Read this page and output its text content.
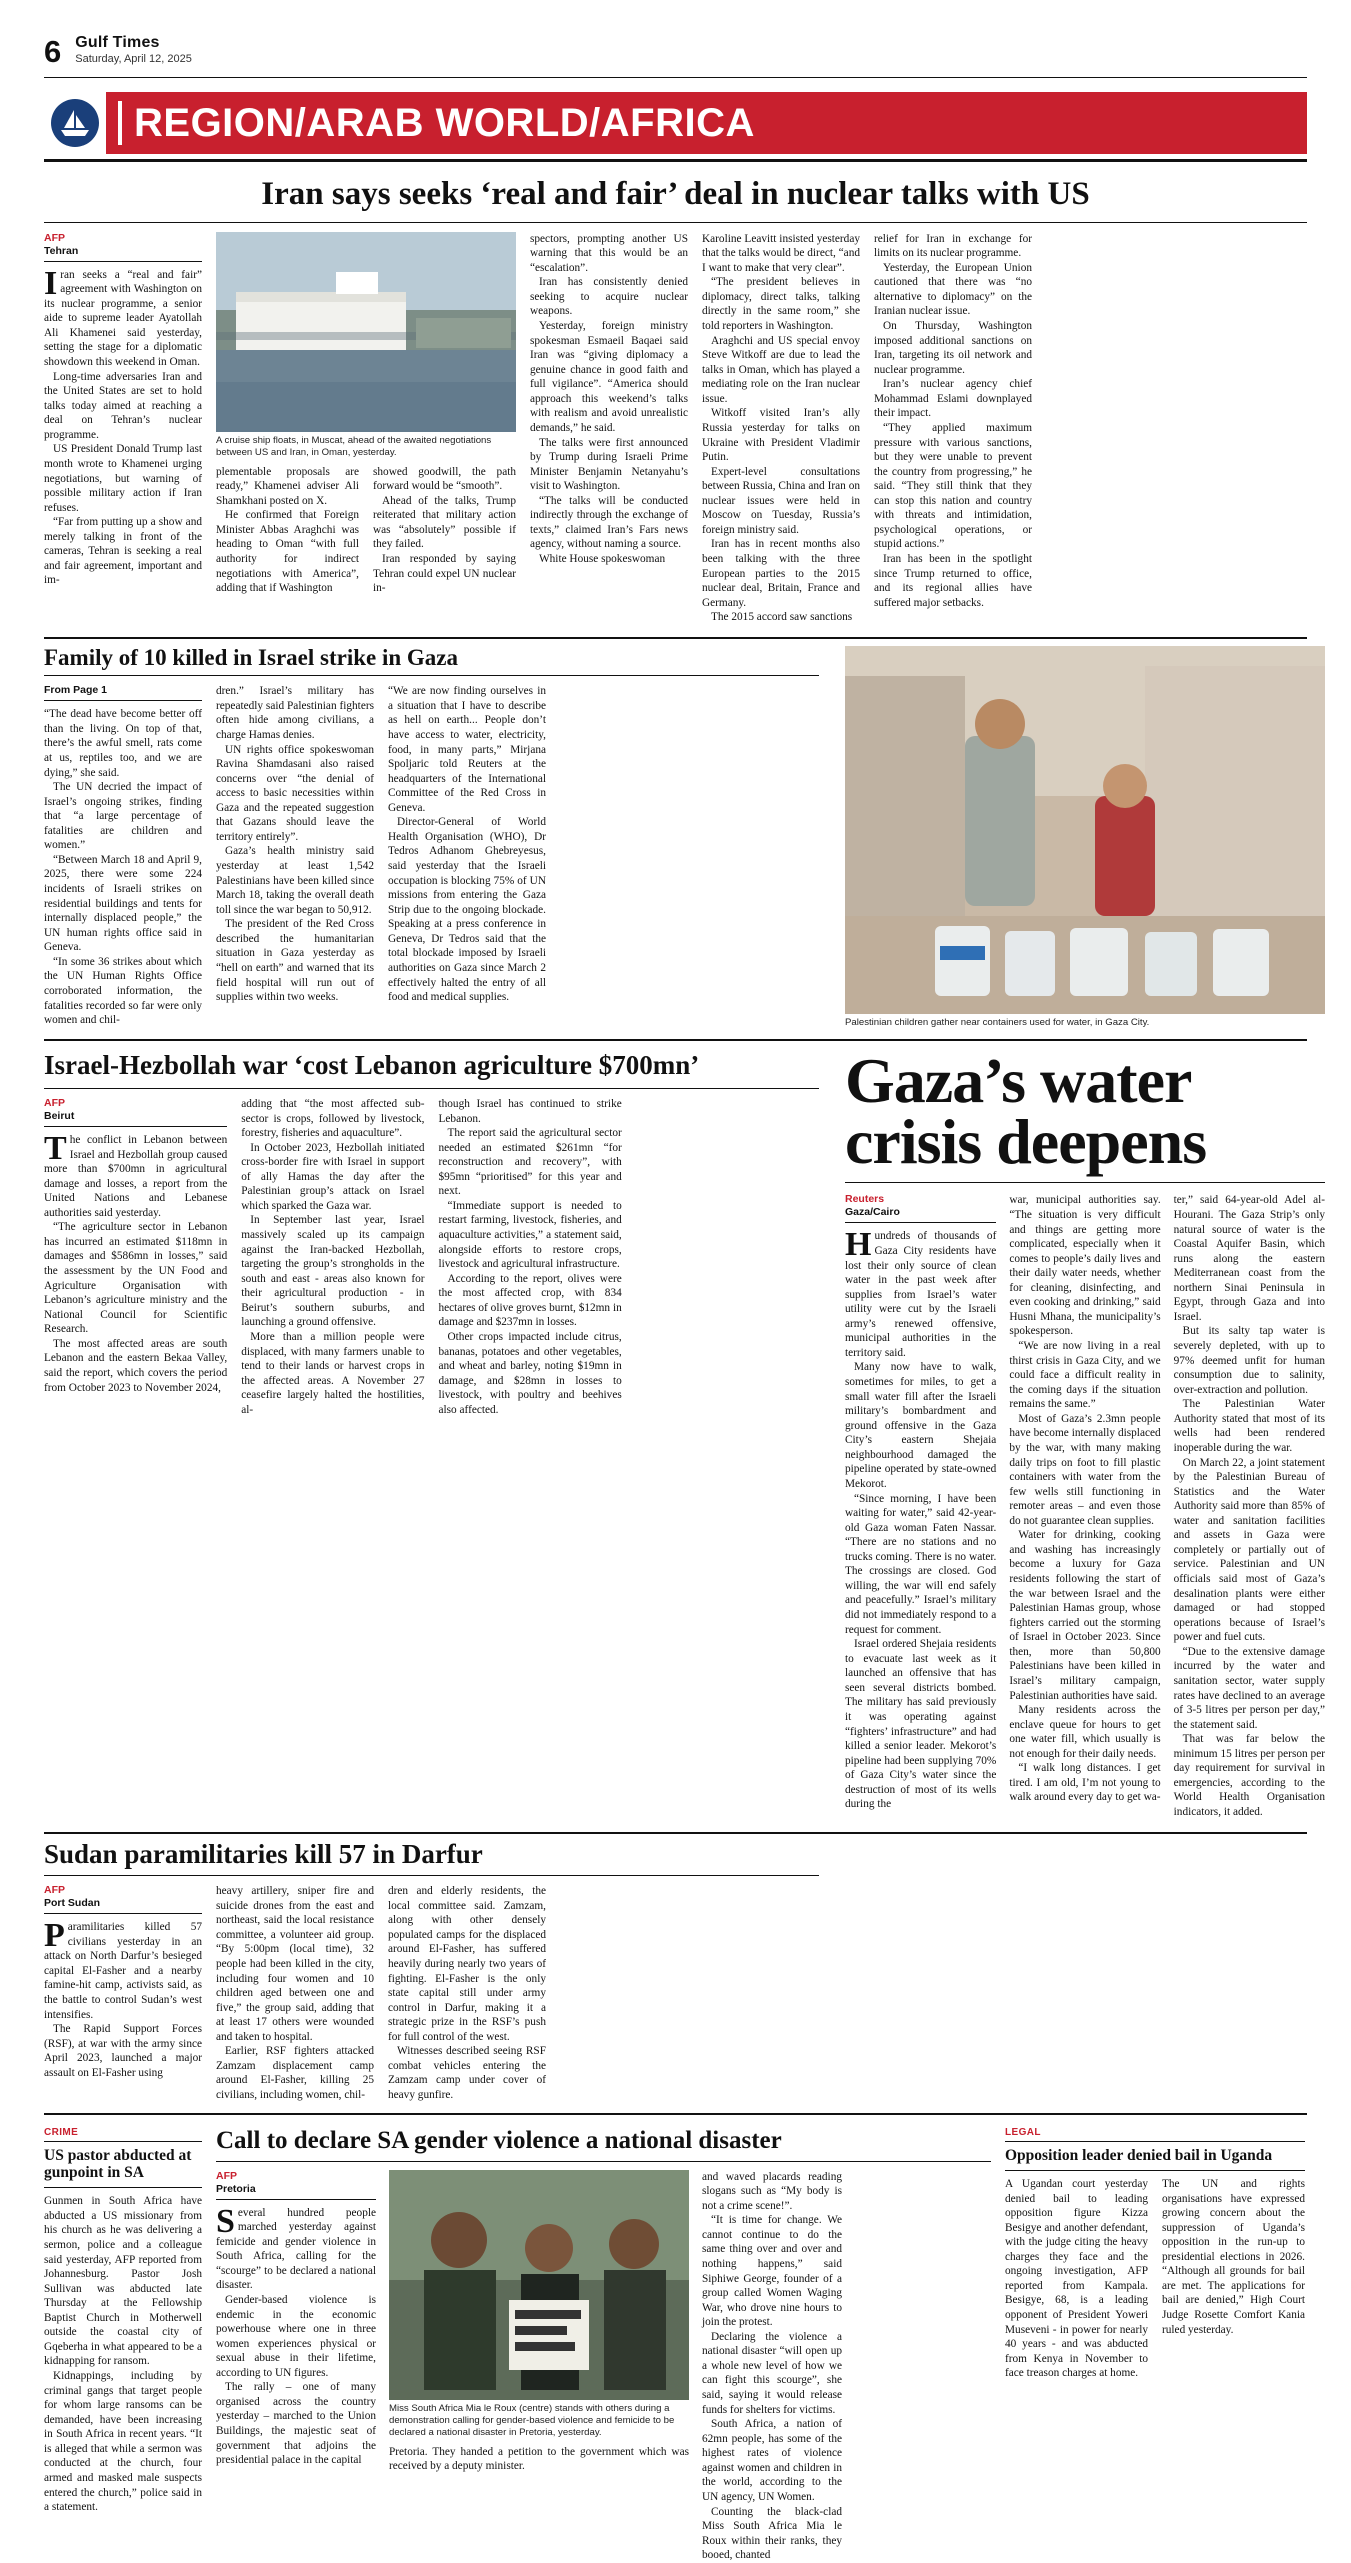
6 Gulf Times
Saturday, April 12, 2025
REGION/ARAB WORLD/AFRICA
Iran says seeks ‘real and fair’ deal in nuclear talks with US
AFP
Tehran

Iran seeks a “real and fair” agreement with Washington on its nuclear programme, a senior aide to supreme leader Ayatollah Ali Khamenei said yesterday, setting the stage for a diplomatic showdown this weekend in Oman.

Long-time adversaries Iran and the United States are set to hold talks today aimed at reaching a deal on Tehran’s nuclear programme.

US President Donald Trump last month wrote to Khamenei urging negotiations, but warning of possible military action if Iran refuses.

“Far from putting up a show and merely talking in front of the cameras, Tehran is seeking a real and fair agreement, important and im-

A cruise ship floats, in Muscat, ahead of the awaited negotiations between US and Iran, in Oman, yesterday.

plementable proposals are ready,” Khamenei adviser Ali Shamkhani posted on X.

He confirmed that Foreign Minister Abbas Araghchi was heading to Oman “with full authority for indirect negotiations with America”, adding that if Washington

showed goodwill, the path forward would be “smooth”.

Ahead of the talks, Trump reiterated that military action was “absolutely” possible if they failed.

Iran responded by saying Tehran could expel UN nuclear in-

spectors, prompting another US warning that this would be an “escalation”.

Iran has consistently denied seeking to acquire nuclear weapons.

Yesterday, foreign ministry spokesman Esmaeil Baqaei said Iran was “giving diplomacy a genuine chance in good faith and full vigilance”. “America should approach this weekend’s talks with realism and avoid unrealistic demands,” he said.

The talks were first announced by Trump during Israeli Prime Minister Benjamin Netanyahu’s visit to Washington.

“The talks will be conducted indirectly through the exchange of texts,” claimed Iran’s Fars news agency, without naming a source.

White House spokeswoman

Karoline Leavitt insisted yesterday that the talks would be direct, “and I want to make that very clear”.

“The president believes in diplomacy, direct talks, talking directly in the same room,” she told reporters in Washington.

Araghchi and US special envoy Steve Witkoff are due to lead the talks in Oman, which has played a mediating role on the Iran nuclear issue.

Witkoff visited Iran’s ally Russia yesterday for talks on Ukraine with President Vladimir Putin.

Expert-level consultations between Russia, China and Iran on nuclear issues were held in Moscow on Tuesday, Russia’s foreign ministry said.

Iran has in recent months also been talking with the three European parties to the 2015 nuclear deal, Britain, France and Germany.

The 2015 accord saw sanctions

relief for Iran in exchange for limits on its nuclear programme.

Yesterday, the European Union cautioned that there was “no alternative to diplomacy” on the Iranian nuclear issue.

On Thursday, Washington imposed additional sanctions on Iran, targeting its oil network and nuclear programme.

Iran’s nuclear agency chief Mohammad Eslami downplayed their impact.

“They applied maximum pressure with various sanctions, but they were unable to prevent the country from progressing,” he said. “They still think that they can stop this nation and country with threats and intimidation, psychological operations, or stupid actions.”

Iran has been in the spotlight since Trump returned to office, and its regional allies have suffered major setbacks.

Family of 10 killed in Israel strike in Gaza
From Page 1

“The dead have become better off than the living. On top of that, there’s the awful smell, rats come at us, reptiles too, and we are dying,” she said.

The UN decried the impact of Israel’s ongoing strikes, finding that “a large percentage of fatalities are children and women.”

“Between March 18 and April 9, 2025, there were some 224 incidents of Israeli strikes on residential buildings and tents for internally displaced people,” the UN human rights office said in Geneva.

“In some 36 strikes about which the UN Human Rights Office corroborated information, the fatalities recorded so far were only women and chil-

dren.” Israel’s military has repeatedly said Palestinian fighters often hide among civilians, a charge Hamas denies.

UN rights office spokeswoman Ravina Shamdasani also raised concerns over “the denial of access to basic necessities within Gaza and the repeated suggestion that Gazans should leave the territory entirely”.

Gaza’s health ministry said yesterday at least 1,542 Palestinians have been killed since March 18, taking the overall death toll since the war began to 50,912.

The president of the Red Cross described the humanitarian situation in Gaza yesterday as “hell on earth” and warned that its field hospital will run out of supplies within two weeks.

“We are now finding ourselves in a situation that I have to describe as hell on earth... People don’t have access to water, electricity, food, in many parts,” Mirjana Spoljaric told Reuters at the headquarters of the International Committee of the Red Cross in Geneva.

Director-General of World Health Organisation (WHO), Dr Tedros Adhanom Ghebreyesus, said yesterday that the Israeli occupation is blocking 75% of UN missions from entering the Gaza Strip due to the ongoing blockade. Speaking at a press conference in Geneva, Dr Tedros said that the total blockade imposed by Israeli authorities on Gaza since March 2 effectively halted the entry of all food and medical supplies.

Palestinian children gather near containers used for water, in Gaza City.
Israel-Hezbollah war ‘cost Lebanon agriculture $700mn’
AFP
Beirut

The conflict in Lebanon between Israel and Hezbollah group caused more than $700mn in agricultural damage and losses, a report from the United Nations and Lebanese authorities said yesterday.

“The agriculture sector in Lebanon has incurred an estimated $118mn in damages and $586mn in losses,” said the assessment by the UN Food and Agriculture Organisation with Lebanon’s agriculture ministry and the National Council for Scientific Research.

The most affected areas are south Lebanon and the eastern Bekaa Valley, said the report, which covers the period from October 2023 to November 2024,

adding that “the most affected sub-sector is crops, followed by livestock, forestry, fisheries and aquaculture”.

In October 2023, Hezbollah initiated cross-border fire with Israel in support of ally Hamas the day after the Palestinian group’s attack on Israel which sparked the Gaza war.

In September last year, Israel massively scaled up its campaign against the Iran-backed Hezbollah, targeting the group’s strongholds in the south and east - areas also known for their agricultural production - in Beirut’s southern suburbs, and launching a ground offensive.

More than a million people were displaced, with many farmers unable to tend to their lands or harvest crops in the affected areas. A November 27 ceasefire largely halted the hostilities, al-

though Israel has continued to strike Lebanon.

The report said the agricultural sector needed an estimated $261mn “for reconstruction and recovery”, with $95mn “prioritised” for this year and next.

“Immediate support is needed to restart farming, livestock, fisheries, and aquaculture activities,” a statement said, alongside efforts to restore crops, livestock and agricultural infrastructure.

According to the report, olives were the most affected crop, with 834 hectares of olive groves burnt, $12mn in damage and $237mn in losses.

Other crops impacted include citrus, bananas, potatoes and other vegetables, and wheat and barley, noting $19mn in damage, and $28mn in losses to livestock, with poultry and beehives also affected.

Gaza’s water crisis deepens
Reuters
Gaza/Cairo

Hundreds of thousands of Gaza City residents have lost their only source of clean water in the past week after supplies from Israel’s water utility were cut by the Israeli army’s renewed offensive, municipal authorities in the territory said.

Many now have to walk, sometimes for miles, to get a small water fill after the Israeli military’s bombardment and ground offensive in the Gaza City’s eastern Shejaia neighbourhood damaged the pipeline operated by state-owned Mekorot.

“Since morning, I have been waiting for water,” said 42-year-old Gaza woman Faten Nassar. “There are no stations and no trucks coming. There is no water. The crossings are closed. God willing, the war will end safely and peacefully.” Israel’s military did not immediately respond to a request for comment.

Israel ordered Shejaia residents to evacuate last week as it launched an offensive that has seen several districts bombed. The military has said previously it was operating against “fighters’ infrastructure” and had killed a senior leader. Mekorot’s pipeline had been supplying 70% of Gaza City’s water since the destruction of most of its wells during the

war, municipal authorities say. “The situation is very difficult and things are getting more complicated, especially when it comes to people’s daily lives and their daily water needs, whether for cleaning, disinfecting, and even cooking and drinking,” said Husni Mhana, the municipality’s spokesperson.

“We are now living in a real thirst crisis in Gaza City, and we could face a difficult reality in the coming days if the situation remains the same.”

Most of Gaza’s 2.3mn people have become internally displaced by the war, with many making daily trips on foot to fill plastic containers with water from the few wells still functioning in remoter areas – and even those do not guarantee clean supplies.

Water for drinking, cooking and washing has increasingly become a luxury for Gaza residents following the start of the war between Israel and the Palestinian Hamas group, whose fighters carried out the storming of Israel in October 2023. Since then, more than 50,800 Palestinians have been killed in Israel’s military campaign, Palestinian authorities have said.

Many residents across the enclave queue for hours to get one water fill, which usually is not enough for their daily needs.

“I walk long distances. I get tired. I am old, I’m not young to walk around every day to get wa-

ter,” said 64-year-old Adel al-Hourani. The Gaza Strip’s only natural source of water is the Coastal Aquifer Basin, which runs along the eastern Mediterranean coast from the northern Sinai Peninsula in Egypt, through Gaza and into Israel.

But its salty tap water is severely depleted, with up to 97% deemed unfit for human consumption due to salinity, over-extraction and pollution.

The Palestinian Water Authority stated that most of its wells had been rendered inoperable during the war.

On March 22, a joint statement by the Palestinian Bureau of Statistics and the Water Authority said more than 85% of water and sanitation facilities and assets in Gaza were completely or partially out of service. Palestinian and UN officials said most of Gaza’s desalination plants were either damaged or had stopped operations because of Israel’s power and fuel cuts.

“Due to the extensive damage incurred by the water and sanitation sector, water supply rates have declined to an average of 3-5 litres per person per day,” the statement said.

That was far below the minimum 15 litres per person per day requirement for survival in emergencies, according to the World Health Organisation indicators, it added.

Sudan paramilitaries kill 57 in Darfur
AFP
Port Sudan

Paramilitaries killed 57 civilians yesterday in an attack on North Darfur’s besieged capital El-Fasher and a nearby famine-hit camp, activists said, as the battle to control Sudan’s west intensifies.

The Rapid Support Forces (RSF), at war with the army since April 2023, launched a major assault on El-Fasher using

heavy artillery, sniper fire and suicide drones from the east and northeast, said the local resistance committee, a volunteer aid group. “By 5:00pm (local time), 32 people had been killed in the city, including four women and 10 children aged between one and five,” the group said, adding that at least 17 others were wounded and taken to hospital.

Earlier, RSF fighters attacked Zamzam displacement camp around El-Fasher, killing 25 civilians, including women, chil-

dren and elderly residents, the local committee said. Zamzam, along with other densely populated camps for the displaced around El-Fasher, has suffered heavily during nearly two years of fighting. El-Fasher is the only state capital still under army control in Darfur, making it a strategic prize in the RSF’s push for full control of the west.

Witnesses described seeing RSF combat vehicles entering the Zamzam camp under cover of heavy gunfire.

CRIME
US pastor abducted at gunpoint in SA

Gunmen in South Africa have abducted a US missionary from his church as he was delivering a sermon, police and a colleague said yesterday, AFP reported from Johannesburg. Pastor Josh Sullivan was abducted late Thursday at the Fellowship Baptist Church in Motherwell outside the coastal city of Gqeberha in what appeared to be a kidnapping for ransom.

Kidnappings, including by criminal gangs that target people for whom large ransoms can be demanded, have been increasing in South Africa in recent years. “It is alleged that while a sermon was conducted at the church, four armed and masked male suspects entered the church,” police said in a statement.

Call to declare SA gender violence a national disaster
AFP
Pretoria

Several hundred people marched yesterday against femicide and gender violence in South Africa, calling for the “scourge” to be declared a national disaster.

Gender-based violence is endemic in the economic powerhouse where one in three women experiences physical or sexual abuse in their lifetime, according to UN figures.

The rally – one of many organised across the country yesterday – marched to the Union Buildings, the majestic seat of government that adjoins the presidential palace in the capital

Miss South Africa Mia le Roux (centre) stands with others during a demonstration calling for gender-based violence and femicide to be declared a national disaster in Pretoria, yesterday.

Pretoria. They handed a petition to the government which was received by a deputy minister.

and waved placards reading slogans such as “My body is not a crime scene!”.

“It is time for change. We cannot continue to do the same thing over and over and nothing happens,” said Siphiwe George, founder of a group called Women Waging War, who drove nine hours to join the protest.

Declaring the violence a national disaster “will open up a whole new level of how we can fight this scourge”, she said, saying it would release funds for shelters for victims.

South Africa, a nation of 62mn people, has some of the highest rates of violence against women and children in the world, according to the UN agency, UN Women.

Counting the black-clad Miss South Africa Mia le Roux within their ranks, they booed, chanted

LEGAL
Opposition leader denied bail in Uganda

A Ugandan court yesterday denied bail to leading opposition figure Kizza Besigye and another defendant, with the judge citing the heavy charges they face and the ongoing investigation, AFP reported from Kampala. Besigye, 68, is a leading opponent of President Yoweri Museveni - in power for nearly 40 years - and was abducted from Kenya in November to face treason charges at home.

The UN and rights organisations have expressed growing concern about the suppression of Uganda’s opposition in the run-up to presidential elections in 2026. “Although all grounds for bail are met. The applications for bail are denied,” High Court Judge Rosette Comfort Kania ruled yesterday.
